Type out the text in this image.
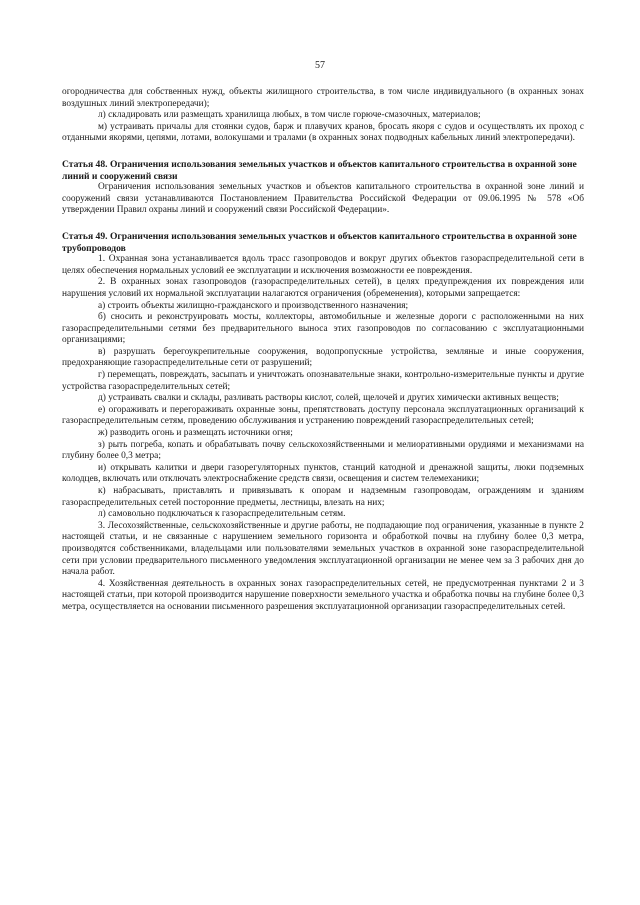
57

огородничества для собственных нужд, объекты жилищного строительства, в том числе индивидуального (в охранных зонах воздушных линий электропередачи);

л) складировать или размещать хранилища любых, в том числе горюче-смазочных, материалов;

м) устраивать причалы для стоянки судов, барж и плавучих кранов, бросать якоря с судов и осуществлять их проход с отданными якорями, цепями, лотами, волокушами и тралами (в охранных зонах подводных кабельных линий электропередачи).

Статья 48. Ограничения использования земельных участков и объектов капитального строительства в охранной зоне линий и сооружений связи

Ограничения использования земельных участков и объектов капитального строительства в охранной зоне линий и сооружений связи устанавливаются Постановлением Правительства Российской Федерации от 09.06.1995 № 578 «Об утверждении Правил охраны линий и сооружений связи Российской Федерации».

Статья 49. Ограничения использования земельных участков и объектов капитального строительства в охранной зоне трубопроводов

1. Охранная зона устанавливается вдоль трасс газопроводов и вокруг других объектов газораспределительной сети в целях обеспечения нормальных условий ее эксплуатации и исключения возможности ее повреждения.

2. В охранных зонах газопроводов (газораспределительных сетей), в целях предупреждения их повреждения или нарушения условий их нормальной эксплуатации налагаются ограничения (обременения), которыми запрещается:

а) строить объекты жилищно-гражданского и производственного назначения;

б) сносить и реконструировать мосты, коллекторы, автомобильные и железные дороги с расположенными на них газораспределительными сетями без предварительного выноса этих газопроводов по согласованию с эксплуатационными организациями;

в) разрушать берегоукрепительные сооружения, водопропускные устройства, земляные и иные сооружения, предохраняющие газораспределительные сети от разрушений;

г) перемещать, повреждать, засыпать и уничтожать опознавательные знаки, контрольно-измерительные пункты и другие устройства газораспределительных сетей;

д) устраивать свалки и склады, разливать растворы кислот, солей, щелочей и других химически активных веществ;

е) огораживать и перегораживать охранные зоны, препятствовать доступу персонала эксплуатационных организаций к газораспределительным сетям, проведению обслуживания и устранению повреждений газораспределительных сетей;

ж) разводить огонь и размещать источники огня;

з) рыть погреба, копать и обрабатывать почву сельскохозяйственными и мелиоративными орудиями и механизмами на глубину более 0,3 метра;

и) открывать калитки и двери газорегуляторных пунктов, станций катодной и дренажной защиты, люки подземных колодцев, включать или отключать электроснабжение средств связи, освещения и систем телемеханики;

к) набрасывать, приставлять и привязывать к опорам и надземным газопроводам, ограждениям и зданиям газораспределительных сетей посторонние предметы, лестницы, влезать на них;

л) самовольно подключаться к газораспределительным сетям.

3. Лесохозяйственные, сельскохозяйственные и другие работы, не подпадающие под ограничения, указанные в пункте 2 настоящей статьи, и не связанные с нарушением земельного горизонта и обработкой почвы на глубину более 0,3 метра, производятся собственниками, владельцами или пользователями земельных участков в охранной зоне газораспределительной сети при условии предварительного письменного уведомления эксплуатационной организации не менее чем за 3 рабочих дня до начала работ.

4. Хозяйственная деятельность в охранных зонах газораспределительных сетей, не предусмотренная пунктами 2 и 3 настоящей статьи, при которой производится нарушение поверхности земельного участка и обработка почвы на глубине более 0,3 метра, осуществляется на основании письменного разрешения эксплуатационной организации газораспределительных сетей.
